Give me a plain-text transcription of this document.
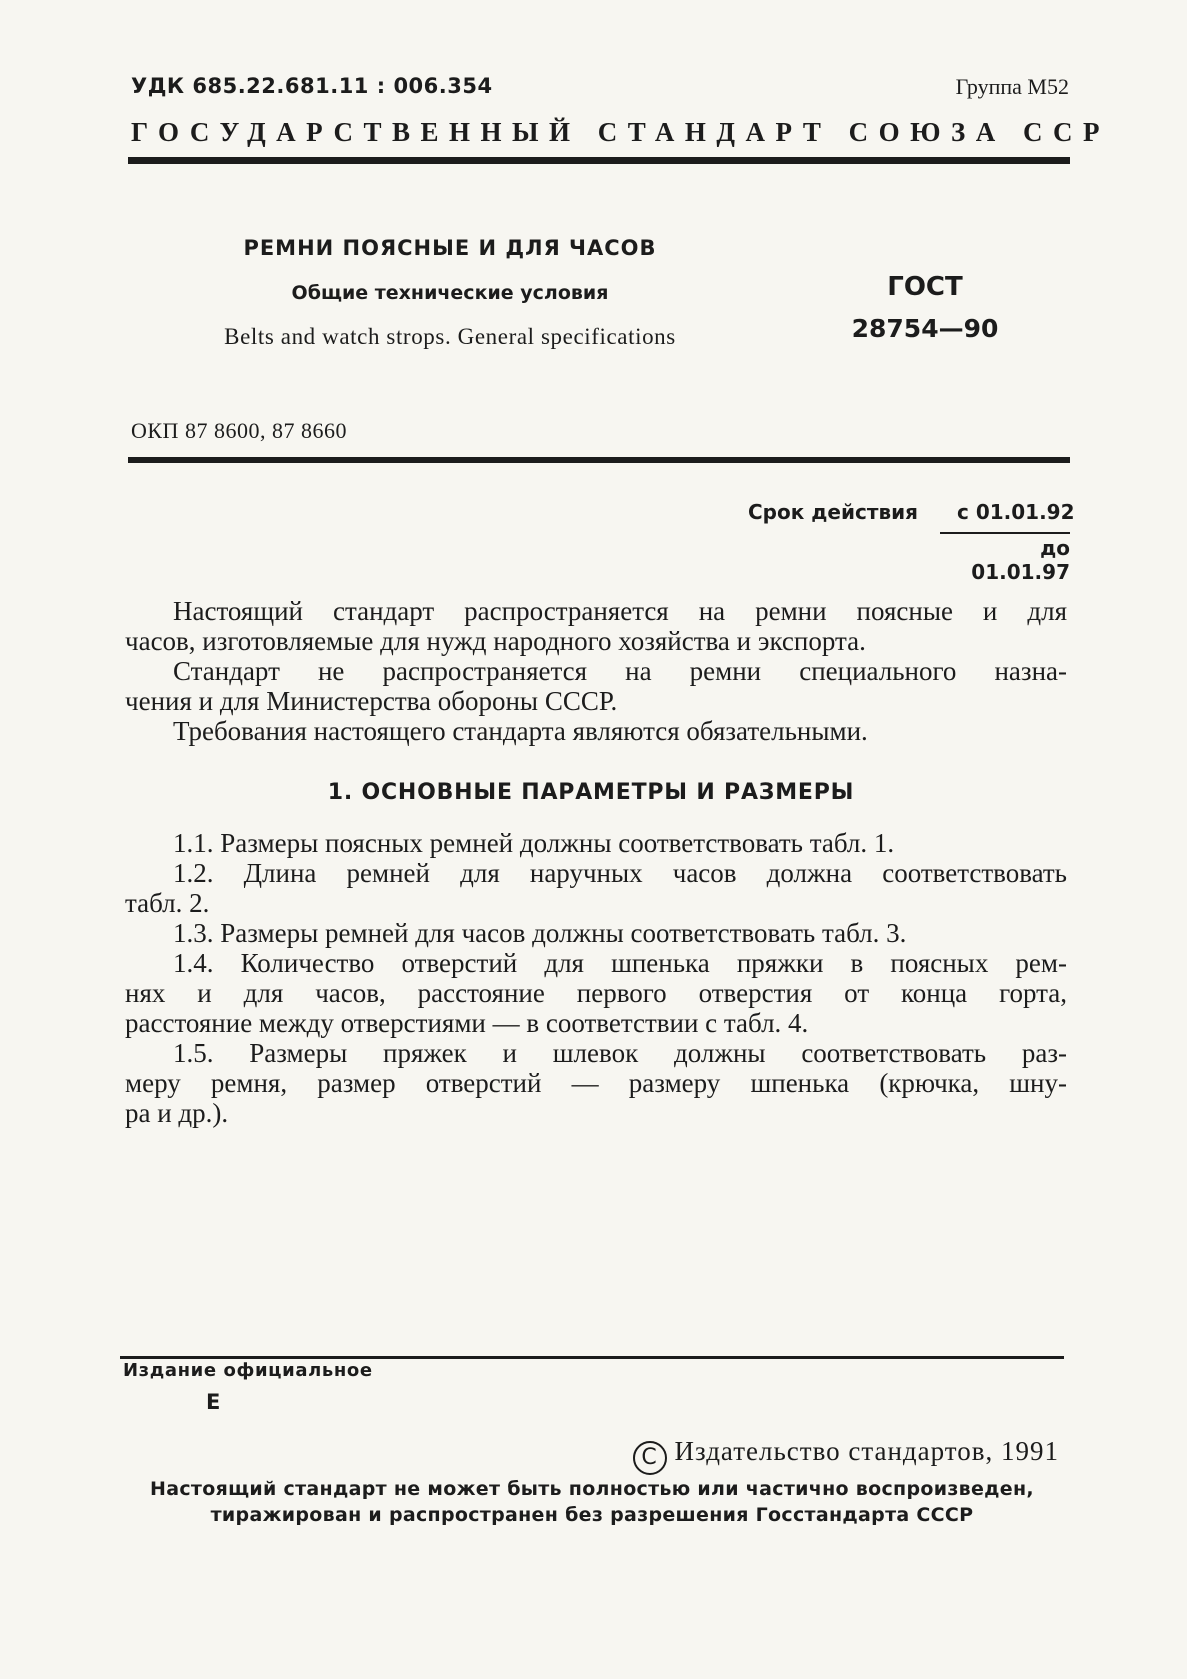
УДК 685.22.681.11 : 006.354	Группа М52
ГОСУДАРСТВЕННЫЙ СТАНДАРТ СОЮЗА ССР
РЕМНИ ПОЯСНЫЕ И ДЛЯ ЧАСОВ
Общие технические условия
Belts and watch strops. General specifications
ГОСТ
28754—90
ОКП 87 8600, 87 8660
Срок действия с 01.01.92
до 01.01.97
Настоящий стандарт распространяется на ремни поясные и для
часов, изготовляемые для нужд народного хозяйства и экспорта.
Стандарт не распространяется на ремни специального назна-
чения и для Министерства обороны СССР.
Требования настоящего стандарта являются обязательными.
1. ОСНОВНЫЕ ПАРАМЕТРЫ И РАЗМЕРЫ
1.1. Размеры поясных ремней должны соответствовать табл. 1.
1.2. Длина ремней для наручных часов должна соответствовать
табл. 2.
1.3. Размеры ремней для часов должны соответствовать табл. 3.
1.4. Количество отверстий для шпенька пряжки в поясных рем-
нях и для часов, расстояние первого отверстия от конца горта,
расстояние между отверстиями — в соответствии с табл. 4.
1.5. Размеры пряжек и шлевок должны соответствовать раз-
меру ремня, размер отверстий — размеру шпенька (крючка, шну-
ра и др.).
Издание официальное
Е
С Издательство стандартов, 1991
Настоящий стандарт не может быть полностью или частично воспроизведен,
тиражирован и распространен без разрешения Госстандарта СССР
